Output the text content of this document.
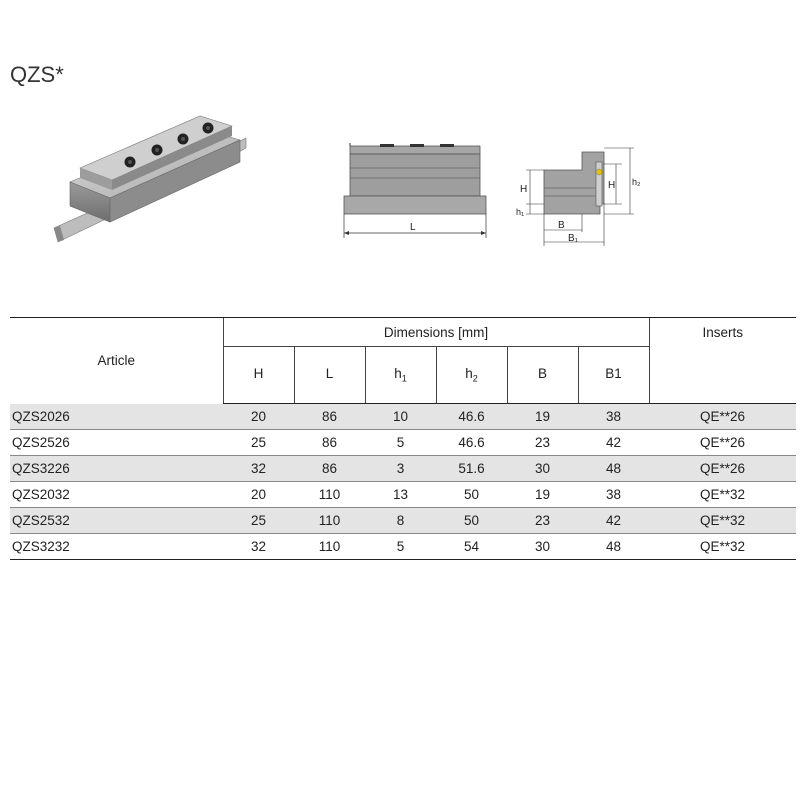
QZS*
L
H
h₁
B
B₁
H h₂
Article	Dimensions [mm]						Inserts
	H	L	$h_1$	$h_2$	B	B1	
QZS2026	20	86	10	46.6	19	38	QE**26
QZS2526	25	86	5	46.6	23	42	QE**26
QZS3226	32	86	3	51.6	30	48	QE**26
QZS2032	20	110	13	50	19	38	QE**32
QZS2532	25	110	8	50	23	42	QE**32
QZS3232	32	110	5	54	30	48	QE**32
